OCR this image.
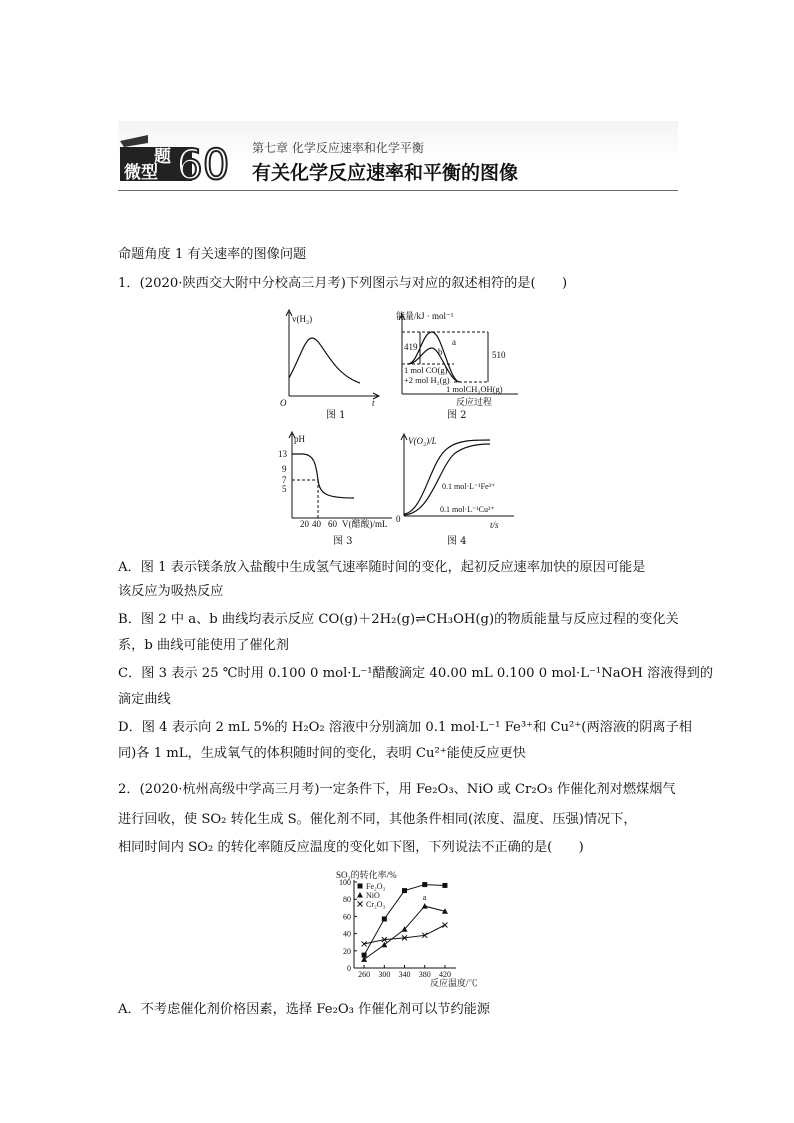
题
微型 60 第七章 化学反应速率和化学平衡
有关化学反应速率和平衡的图像
命题角度 1 有关速率的图像问题
1．(2020·陕西交大附中分校高三月考)下列图示与对应的叙述相符的是(　　)
v(H₂)
O	t
图 1
能量/kJ · mol⁻¹
419
510
a
b
1 mol CO(g)
+2 mol H₂(g)
1 molCH₃OH(g)
反应过程
图 2
pH
13
9
7
5
20 40 60 V(醋酸)/mL
图 3
V(O₂)/L
0
t/s
0.1 mol·L⁻¹Fe³⁺
0.1 mol·L⁻¹Cu²⁺
图 4
A．图 1 表示镁条放入盐酸中生成氢气速率随时间的变化，起初反应速率加快的原因可能是
该反应为吸热反应
B．图 2 中 a、b 曲线均表示反应 CO(g)＋2H₂(g)⇌CH₃OH(g)的物质能量与反应过程的变化关
系，b 曲线可能使用了催化剂
C．图 3 表示 25 ℃时用 0.100 0 mol·L⁻¹醋酸滴定 40.00 mL 0.100 0 mol·L⁻¹NaOH 溶液得到的
滴定曲线
D．图 4 表示向 2 mL 5%的 H₂O₂ 溶液中分别滴加 0.1 mol·L⁻¹ Fe³⁺和 Cu²⁺(两溶液的阴离子相
同)各 1 mL，生成氧气的体积随时间的变化，表明 Cu²⁺能使反应更快
2．(2020·杭州高级中学高三月考)一定条件下，用 Fe₂O₃、NiO 或 Cr₂O₃ 作催化剂对燃煤烟气
进行回收，使 SO₂ 转化生成 S。催化剂不同，其他条件相同(浓度、温度、压强)情况下，
相同时间内 SO₂ 的转化率随反应温度的变化如下图，下列说法不正确的是(　　)
SO₂的转化率/%
反应温度/℃
0
20
40
60
80
100
260 300 340 380 420
a
Fe₂O₃
NiO
Cr₂O₃
A．不考虑催化剂价格因素，选择 Fe₂O₃ 作催化剂可以节约能源
